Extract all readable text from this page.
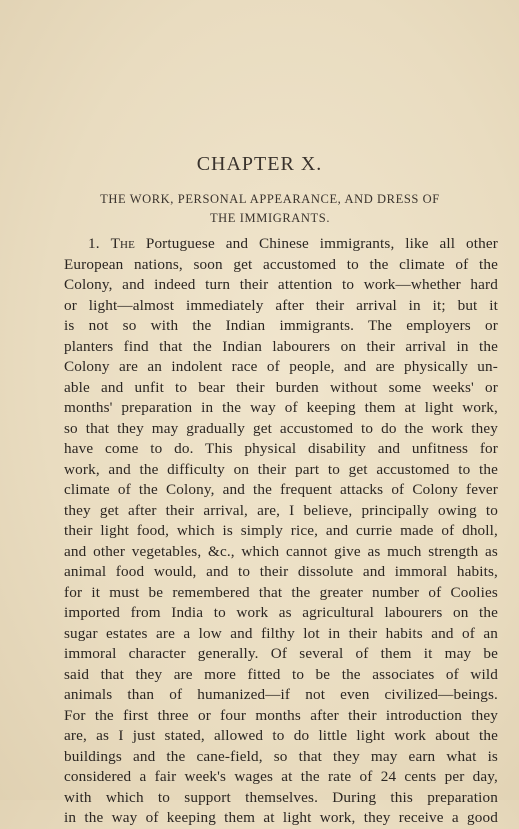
CHAPTER X.
THE WORK, PERSONAL APPEARANCE, AND DRESS OF
THE IMMIGRANTS.
1. The Portuguese and Chinese immigrants, like all other
European nations, soon get accustomed to the climate of the
Colony, and indeed turn their attention to work—whether hard
or light—almost immediately after their arrival in it; but it
is not so with the Indian immigrants. The employers or
planters find that the Indian labourers on their arrival in the
Colony are an indolent race of people, and are physically un-
able and unfit to bear their burden without some weeks' or
months' preparation in the way of keeping them at light work,
so that they may gradually get accustomed to do the work they
have come to do. This physical disability and unfitness for
work, and the difficulty on their part to get accustomed to the
climate of the Colony, and the frequent attacks of Colony fever
they get after their arrival, are, I believe, principally owing to
their light food, which is simply rice, and currie made of dholl,
and other vegetables, &c., which cannot give as much strength as
animal food would, and to their dissolute and immoral habits,
for it must be remembered that the greater number of Coolies
imported from India to work as agricultural labourers on the
sugar estates are a low and filthy lot in their habits and of an
immoral character generally. Of several of them it may be
said that they are more fitted to be the associates of wild
animals than of humanized—if not even civilized—beings.
For the first three or four months after their introduction they
are, as I just stated, allowed to do little light work about the
buildings and the cane-field, so that they may earn what is
considered a fair week's wages at the rate of 24 cents per day,
with which to support themselves. During this preparation
in the way of keeping them at light work, they receive a good
